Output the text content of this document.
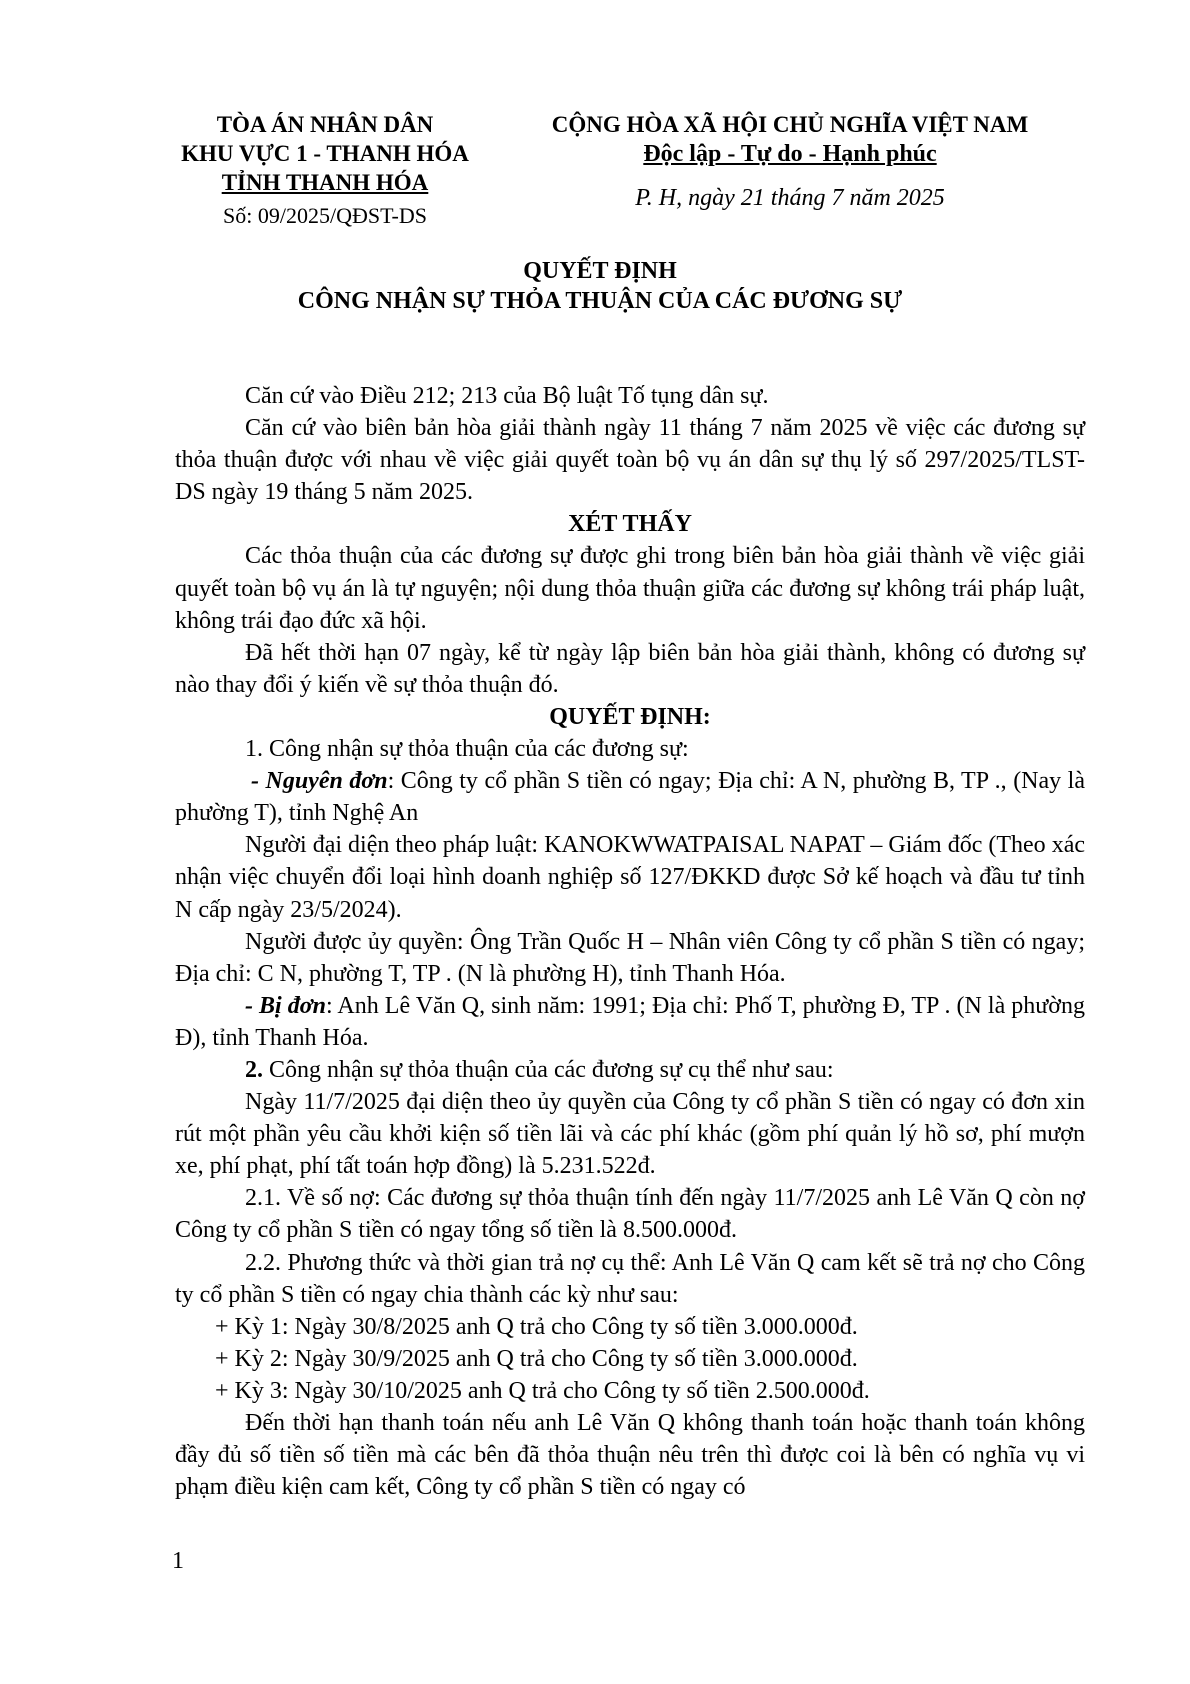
TÒA ÁN NHÂN DÂN
KHU VỰC 1 - THANH HÓA
TỈNH THANH HÓA
Số: 09/2025/QĐST-DS
CỘNG HÒA XÃ HỘI CHỦ NGHĨA VIỆT NAM
Độc lập - Tự do - Hạnh phúc
P. H, ngày 21 tháng 7 năm 2025
QUYẾT ĐỊNH
CÔNG NHẬN SỰ THỎA THUẬN CỦA CÁC ĐƯƠNG SỰ

Căn cứ vào Điều 212; 213 của Bộ luật Tố tụng dân sự.

Căn cứ vào biên bản hòa giải thành ngày 11 tháng 7 năm 2025 về việc các đương sự thỏa thuận được với nhau về việc giải quyết toàn bộ vụ án dân sự thụ lý số 297/2025/TLST-DS ngày 19 tháng 5 năm 2025.

XÉT THẤY

Các thỏa thuận của các đương sự được ghi trong biên bản hòa giải thành về việc giải quyết toàn bộ vụ án là tự nguyện; nội dung thỏa thuận giữa các đương sự không trái pháp luật, không trái đạo đức xã hội.

Đã hết thời hạn 07 ngày, kể từ ngày lập biên bản hòa giải thành, không có đương sự nào thay đổi ý kiến về sự thỏa thuận đó.

QUYẾT ĐỊNH:

1. Công nhận sự thỏa thuận của các đương sự:

- Nguyên đơn: Công ty cổ phần S tiền có ngay; Địa chỉ: A N, phường B, TP ., (Nay là phường T), tỉnh Nghệ An

Người đại diện theo pháp luật: KANOKWWATPAISAL NAPAT – Giám đốc (Theo xác nhận việc chuyển đổi loại hình doanh nghiệp số 127/ĐKKD được Sở kế hoạch và đầu tư tỉnh N cấp ngày 23/5/2024).

Người được ủy quyền: Ông Trần Quốc H – Nhân viên Công ty cổ phần S tiền có ngay; Địa chỉ: C N, phường T, TP . (N là phường H), tỉnh Thanh Hóa.

- Bị đơn: Anh Lê Văn Q, sinh năm: 1991; Địa chỉ: Phố T, phường Đ, TP . (N là phường Đ), tỉnh Thanh Hóa.

2. Công nhận sự thỏa thuận của các đương sự cụ thể như sau:

Ngày 11/7/2025 đại diện theo ủy quyền của Công ty cổ phần S tiền có ngay có đơn xin rút một phần yêu cầu khởi kiện số tiền lãi và các phí khác (gồm phí quản lý hồ sơ, phí mượn xe, phí phạt, phí tất toán hợp đồng) là 5.231.522đ.

2.1. Về số nợ: Các đương sự thỏa thuận tính đến ngày 11/7/2025 anh Lê Văn Q còn nợ Công ty cổ phần S tiền có ngay tổng số tiền là 8.500.000đ.

2.2. Phương thức và thời gian trả nợ cụ thể: Anh Lê Văn Q cam kết sẽ trả nợ cho Công ty cổ phần S tiền có ngay chia thành các kỳ như sau:

+ Kỳ 1: Ngày 30/8/2025 anh Q trả cho Công ty số tiền 3.000.000đ.

+ Kỳ 2: Ngày 30/9/2025 anh Q trả cho Công ty số tiền 3.000.000đ.

+ Kỳ 3: Ngày 30/10/2025 anh Q trả cho Công ty số tiền 2.500.000đ.

Đến thời hạn thanh toán nếu anh Lê Văn Q không thanh toán hoặc thanh toán không đầy đủ số tiền số tiền mà các bên đã thỏa thuận nêu trên thì được coi là bên có nghĩa vụ vi phạm điều kiện cam kết, Công ty cổ phần S tiền có ngay có

1
